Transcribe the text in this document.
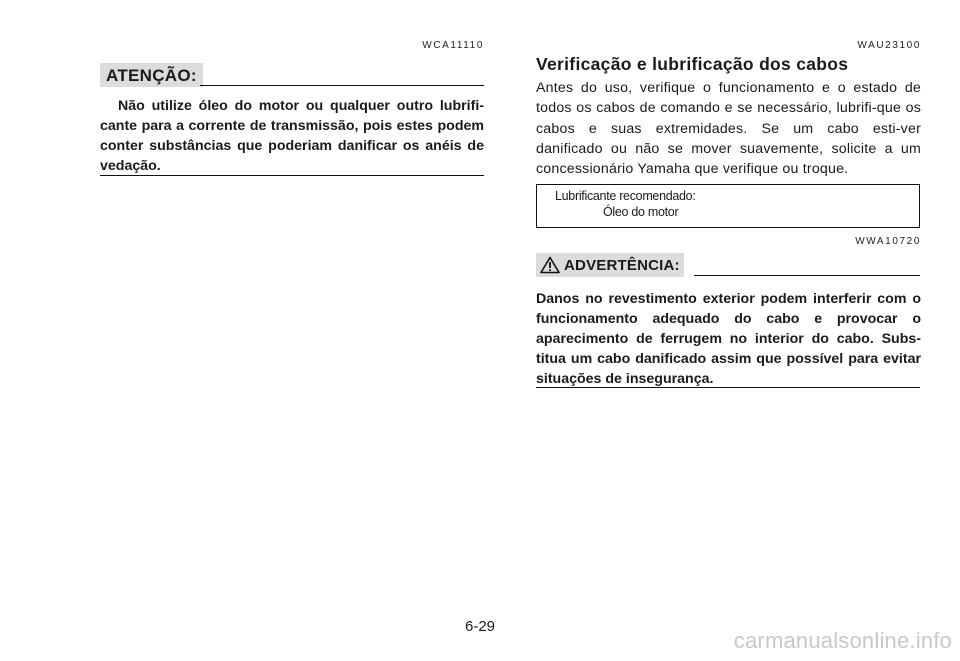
WCA11110
ATENÇÃO:

Não utilize óleo do motor ou qualquer outro lubrifi-cante para a corrente de transmissão, pois estes podem conter substâncias que poderiam danificar os anéis de vedação.

WAU23100
Verificação e lubrificação dos cabos

Antes do uso, verifique o funcionamento e o estado de todos os cabos de comando e se necessário, lubrifi-que os cabos e suas extremidades. Se um cabo esti-ver danificado ou não se mover suavemente, solicite a um concessionário Yamaha que verifique ou troque.

Lubrificante recomendado:
Óleo do motor
WWA10720
ADVERTÊNCIA:

Danos no revestimento exterior podem interferir com o funcionamento adequado do cabo e provocar o aparecimento de ferrugem no interior do cabo. Subs-titua um cabo danificado assim que possível para evitar situações de insegurança.

6-29
carmanualsonline.info
